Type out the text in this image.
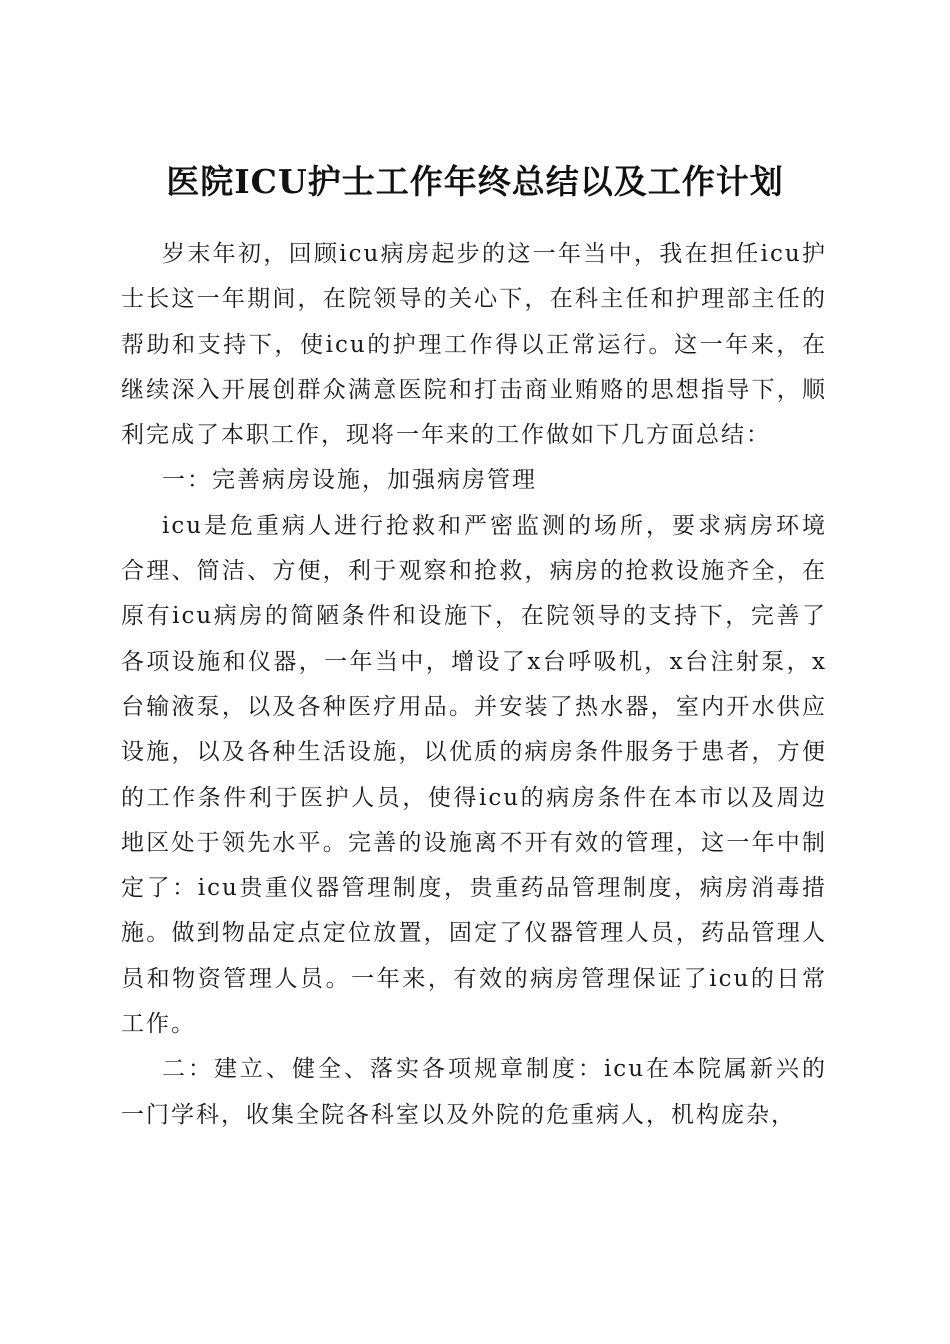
医院ICU护士工作年终总结以及工作计划

岁末年初，回顾icu病房起步的这一年当中，我在担任icu护士长这一年期间，在院领导的关心下，在科主任和护理部主任的帮助和支持下，使icu的护理工作得以正常运行。这一年来，在继续深入开展创群众满意医院和打击商业贿赂的思想指导下，顺利完成了本职工作，现将一年来的工作做如下几方面总结：

一：完善病房设施，加强病房管理

icu是危重病人进行抢救和严密监测的场所，要求病房环境合理、简洁、方便，利于观察和抢救，病房的抢救设施齐全，在原有icu病房的简陋条件和设施下，在院领导的支持下，完善了各项设施和仪器，一年当中，增设了x台呼吸机，x台注射泵，x台输液泵，以及各种医疗用品。并安装了热水器，室内开水供应设施，以及各种生活设施，以优质的病房条件服务于患者，方便的工作条件利于医护人员，使得icu的病房条件在本市以及周边地区处于领先水平。完善的设施离不开有效的管理，这一年中制定了：icu贵重仪器管理制度，贵重药品管理制度，病房消毒措施。做到物品定点定位放置，固定了仪器管理人员，药品管理人员和物资管理人员。一年来，有效的病房管理保证了icu的日常工作。

二：建立、健全、落实各项规章制度：icu在本院属新兴的一门学科，收集全院各科室以及外院的危重病人，机构庞杂，
